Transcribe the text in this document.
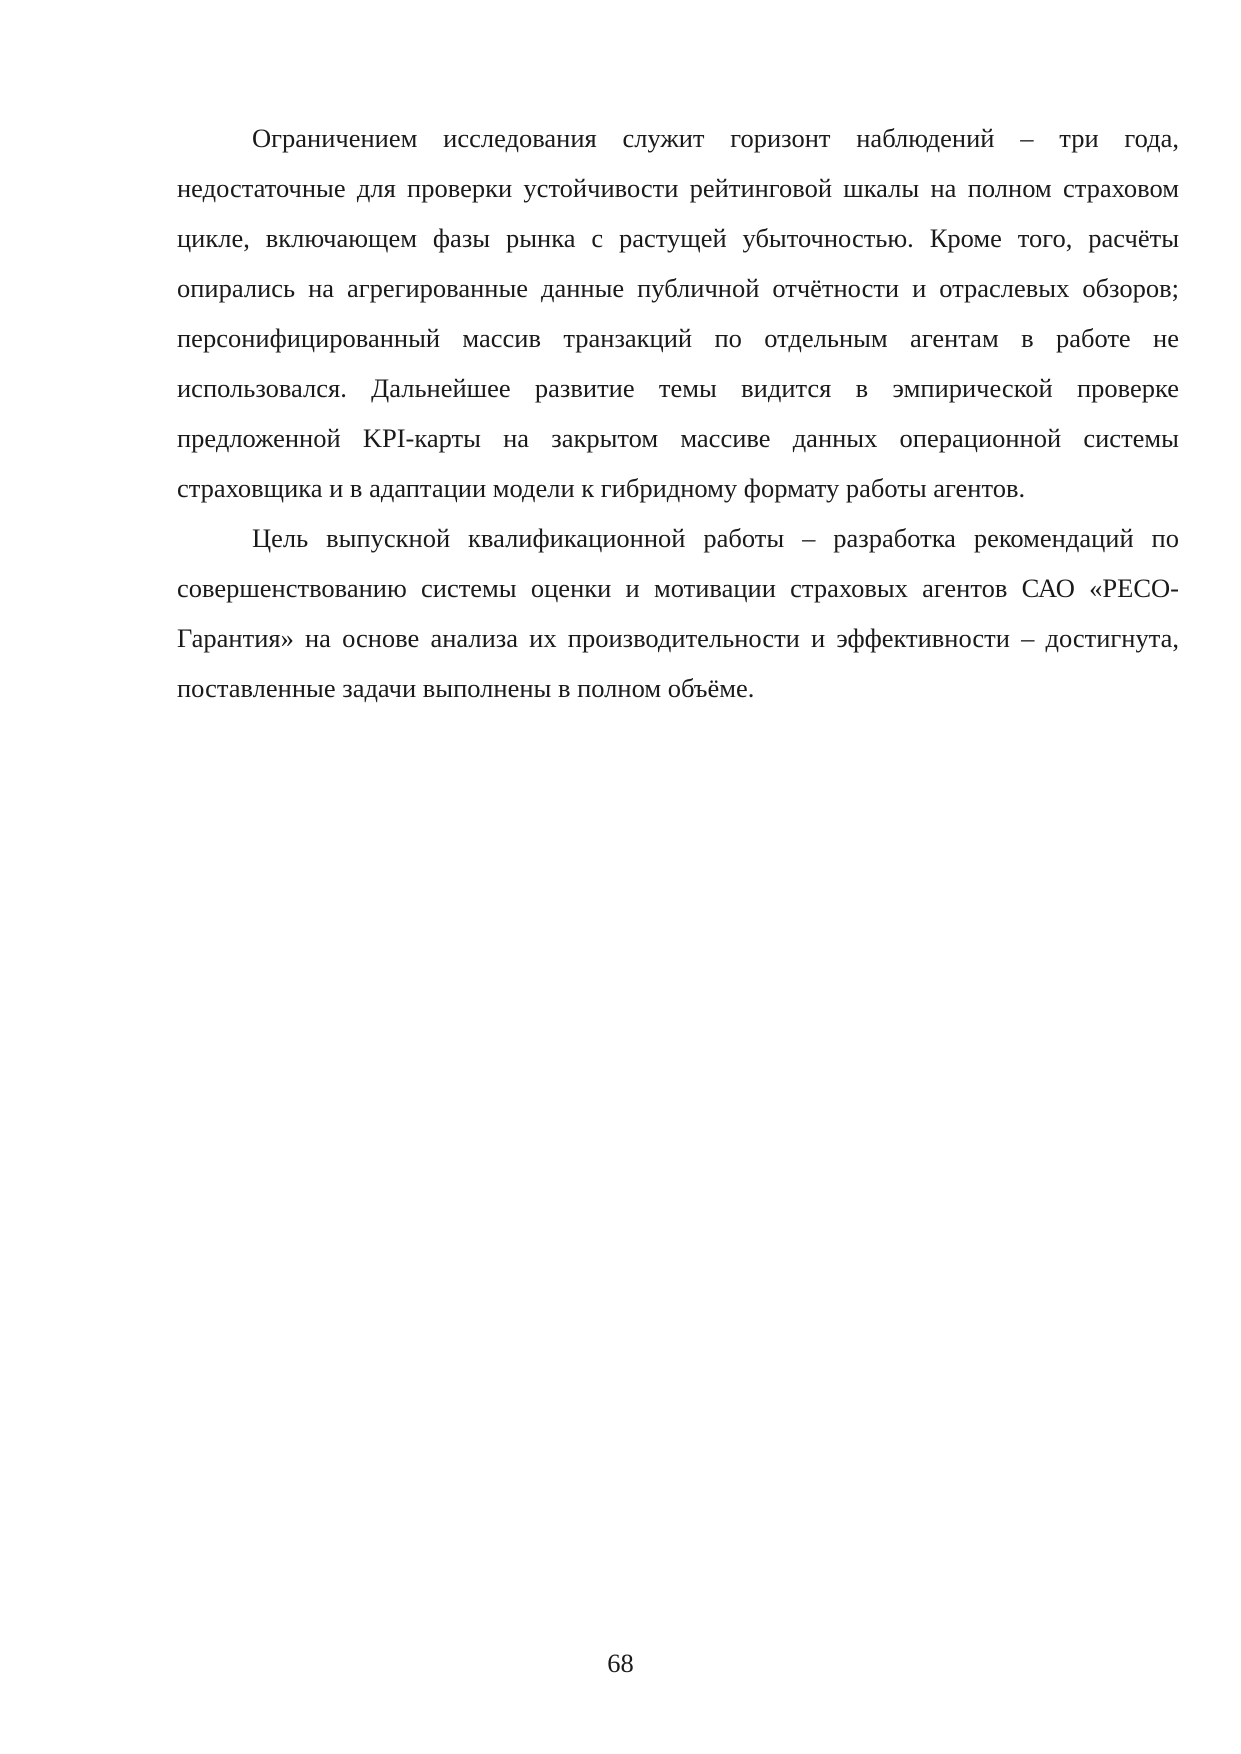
Ограничением исследования служит горизонт наблюдений – три года, недостаточные для проверки устойчивости рейтинговой шкалы на полном страховом цикле, включающем фазы рынка с растущей убыточностью. Кроме того, расчёты опирались на агрегированные данные публичной отчётности и отраслевых обзоров; персонифицированный массив транзакций по отдельным агентам в работе не использовался. Дальнейшее развитие темы видится в эмпирической проверке предложенной KPI-карты на закрытом массиве данных операционной системы страховщика и в адаптации модели к гибридному формату работы агентов.

Цель выпускной квалификационной работы – разработка рекомендаций по совершенствованию системы оценки и мотивации страховых агентов САО «РЕСО-Гарантия» на основе анализа их производительности и эффективности – достигнута, поставленные задачи выполнены в полном объёме.

68
